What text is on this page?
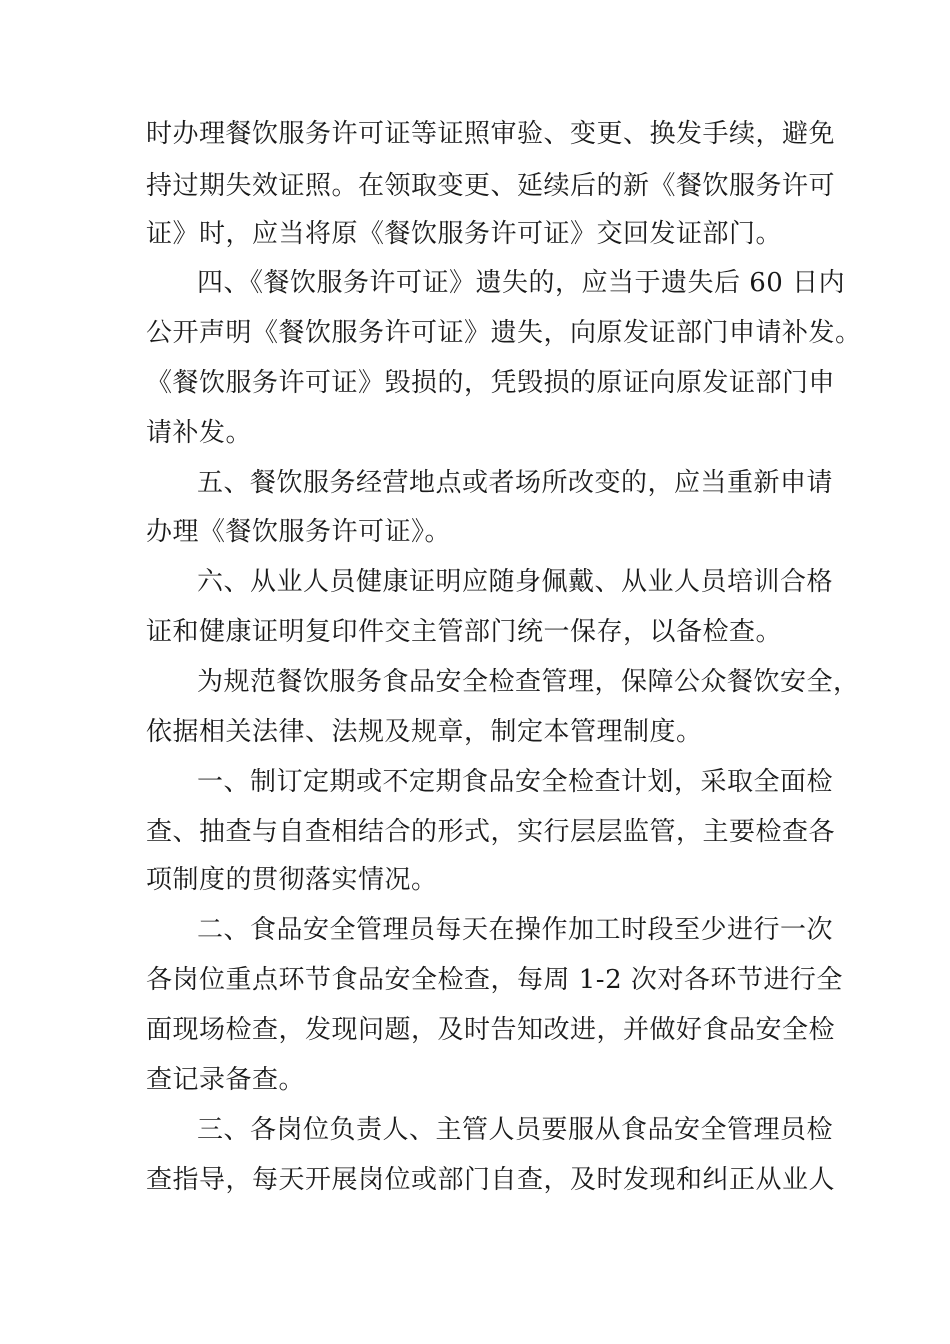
时办理餐饮服务许可证等证照审验、变更、换发手续，避免
持过期失效证照。在领取变更、延续后的新《餐饮服务许可
证》时，应当将原《餐饮服务许可证》交回发证部门。
四、《餐饮服务许可证》遗失的，应当于遗失后 60 日内
公开声明《餐饮服务许可证》遗失，向原发证部门申请补发。
《餐饮服务许可证》毁损的，凭毁损的原证向原发证部门申
请补发。
五、餐饮服务经营地点或者场所改变的，应当重新申请
办理《餐饮服务许可证》。
六、从业人员健康证明应随身佩戴、从业人员培训合格
证和健康证明复印件交主管部门统一保存，以备检查。
为规范餐饮服务食品安全检查管理，保障公众餐饮安全，
依据相关法律、法规及规章，制定本管理制度。
一、制订定期或不定期食品安全检查计划，采取全面检
查、抽查与自查相结合的形式，实行层层监管，主要检查各
项制度的贯彻落实情况。
二、食品安全管理员每天在操作加工时段至少进行一次
各岗位重点环节食品安全检查，每周 1-2 次对各环节进行全
面现场检查，发现问题，及时告知改进，并做好食品安全检
查记录备查。
三、各岗位负责人、主管人员要服从食品安全管理员检
查指导，每天开展岗位或部门自查，及时发现和纠正从业人
